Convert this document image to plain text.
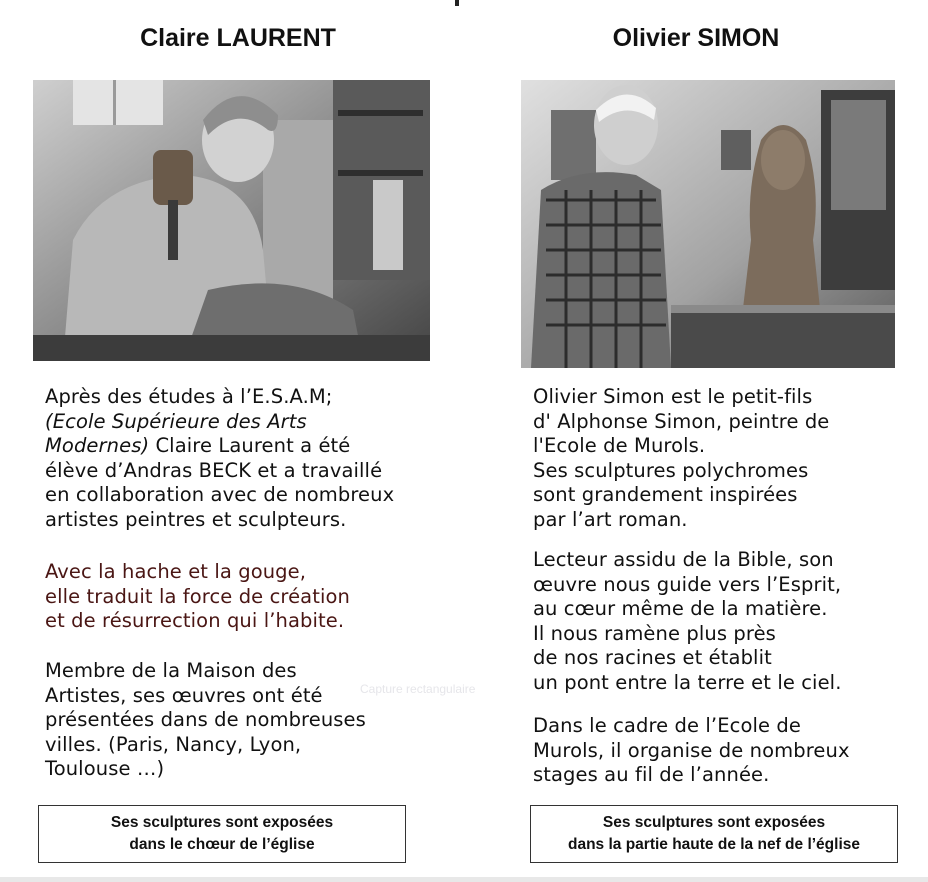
Claire LAURENT

Après des études à l’E.S.A.M;
(Ecole Supérieure des Arts
Modernes) Claire Laurent a été
élève d’Andras BECK et a travaillé
en collaboration avec de nombreux
artistes peintres et sculpteurs.

Avec la hache et la gouge,
elle traduit la force de création
et de résurrection qui l’habite.

Membre de la Maison des
Artistes, ses œuvres ont été
présentées dans de nombreuses
villes. (Paris, Nancy, Lyon,
Toulouse …)

Ses sculptures sont exposées
dans le chœur de l’église
Olivier SIMON

Olivier Simon est le petit-fils
d' Alphonse Simon, peintre de
l'Ecole de Murols.
Ses sculptures polychromes
sont grandement inspirées
par l’art roman.

Lecteur assidu de la Bible, son
œuvre nous guide vers l’Esprit,
au cœur même de la matière.
Il nous ramène plus près
de nos racines et établit
un pont entre la terre et le ciel.

Dans le cadre de l’Ecole de
Murols, il organise de nombreux
stages au fil de l’année.

Ses sculptures sont exposées
dans la partie haute de la nef de l’église
Capture rectangulaire
